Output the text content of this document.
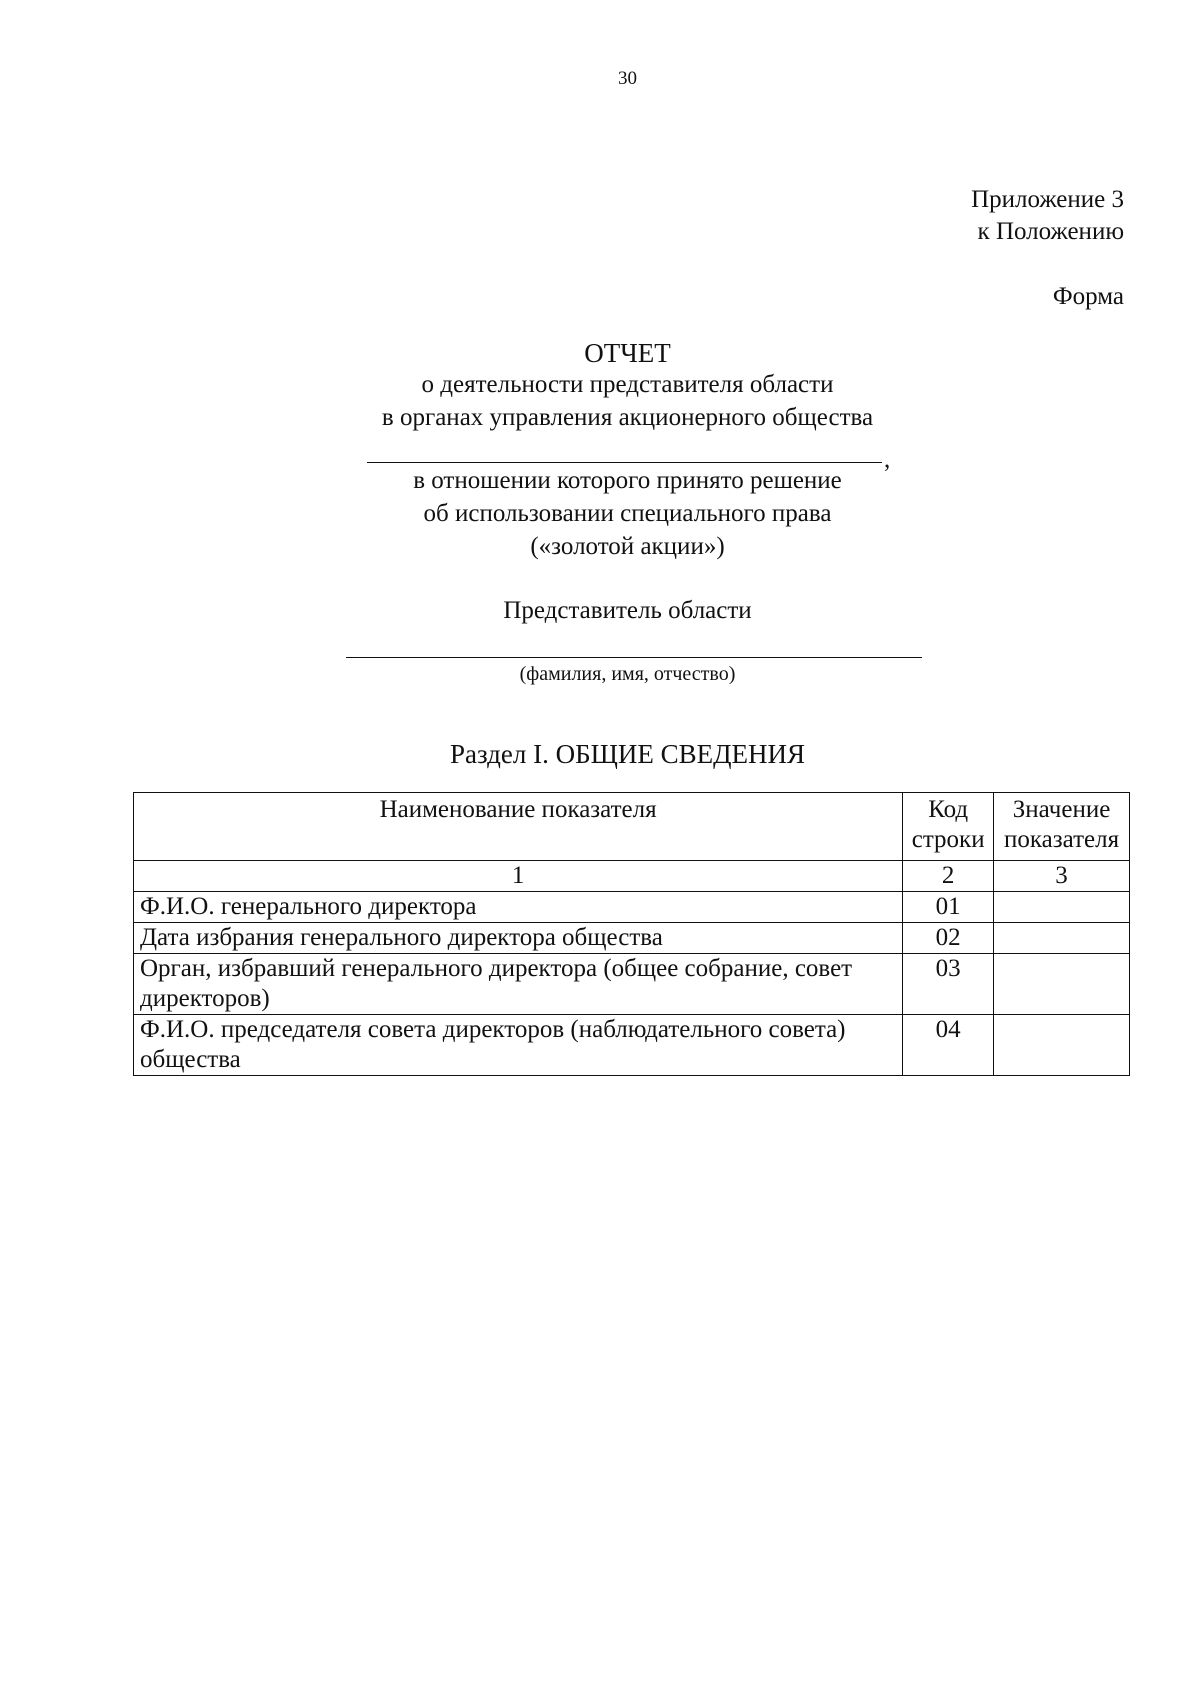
30
Приложение 3
к Положению
Форма
ОТЧЕТ
о деятельности представителя области
в органах управления акционерного общества
,
в отношении которого принято решение
об использовании специального права
(«золотой акции»)
Представитель области
(фамилия, имя, отчество)
Раздел I. ОБЩИЕ СВЕДЕНИЯ
Наименование показателя	Код строки	Значение показателя
1	2	3
Ф.И.О. генерального директора	01	
Дата избрания генерального директора общества	02	
Орган, избравший генерального директора (общее собрание, совет директоров)	03	
Ф.И.О. председателя совета директоров (наблюдательного совета) общества	04	
